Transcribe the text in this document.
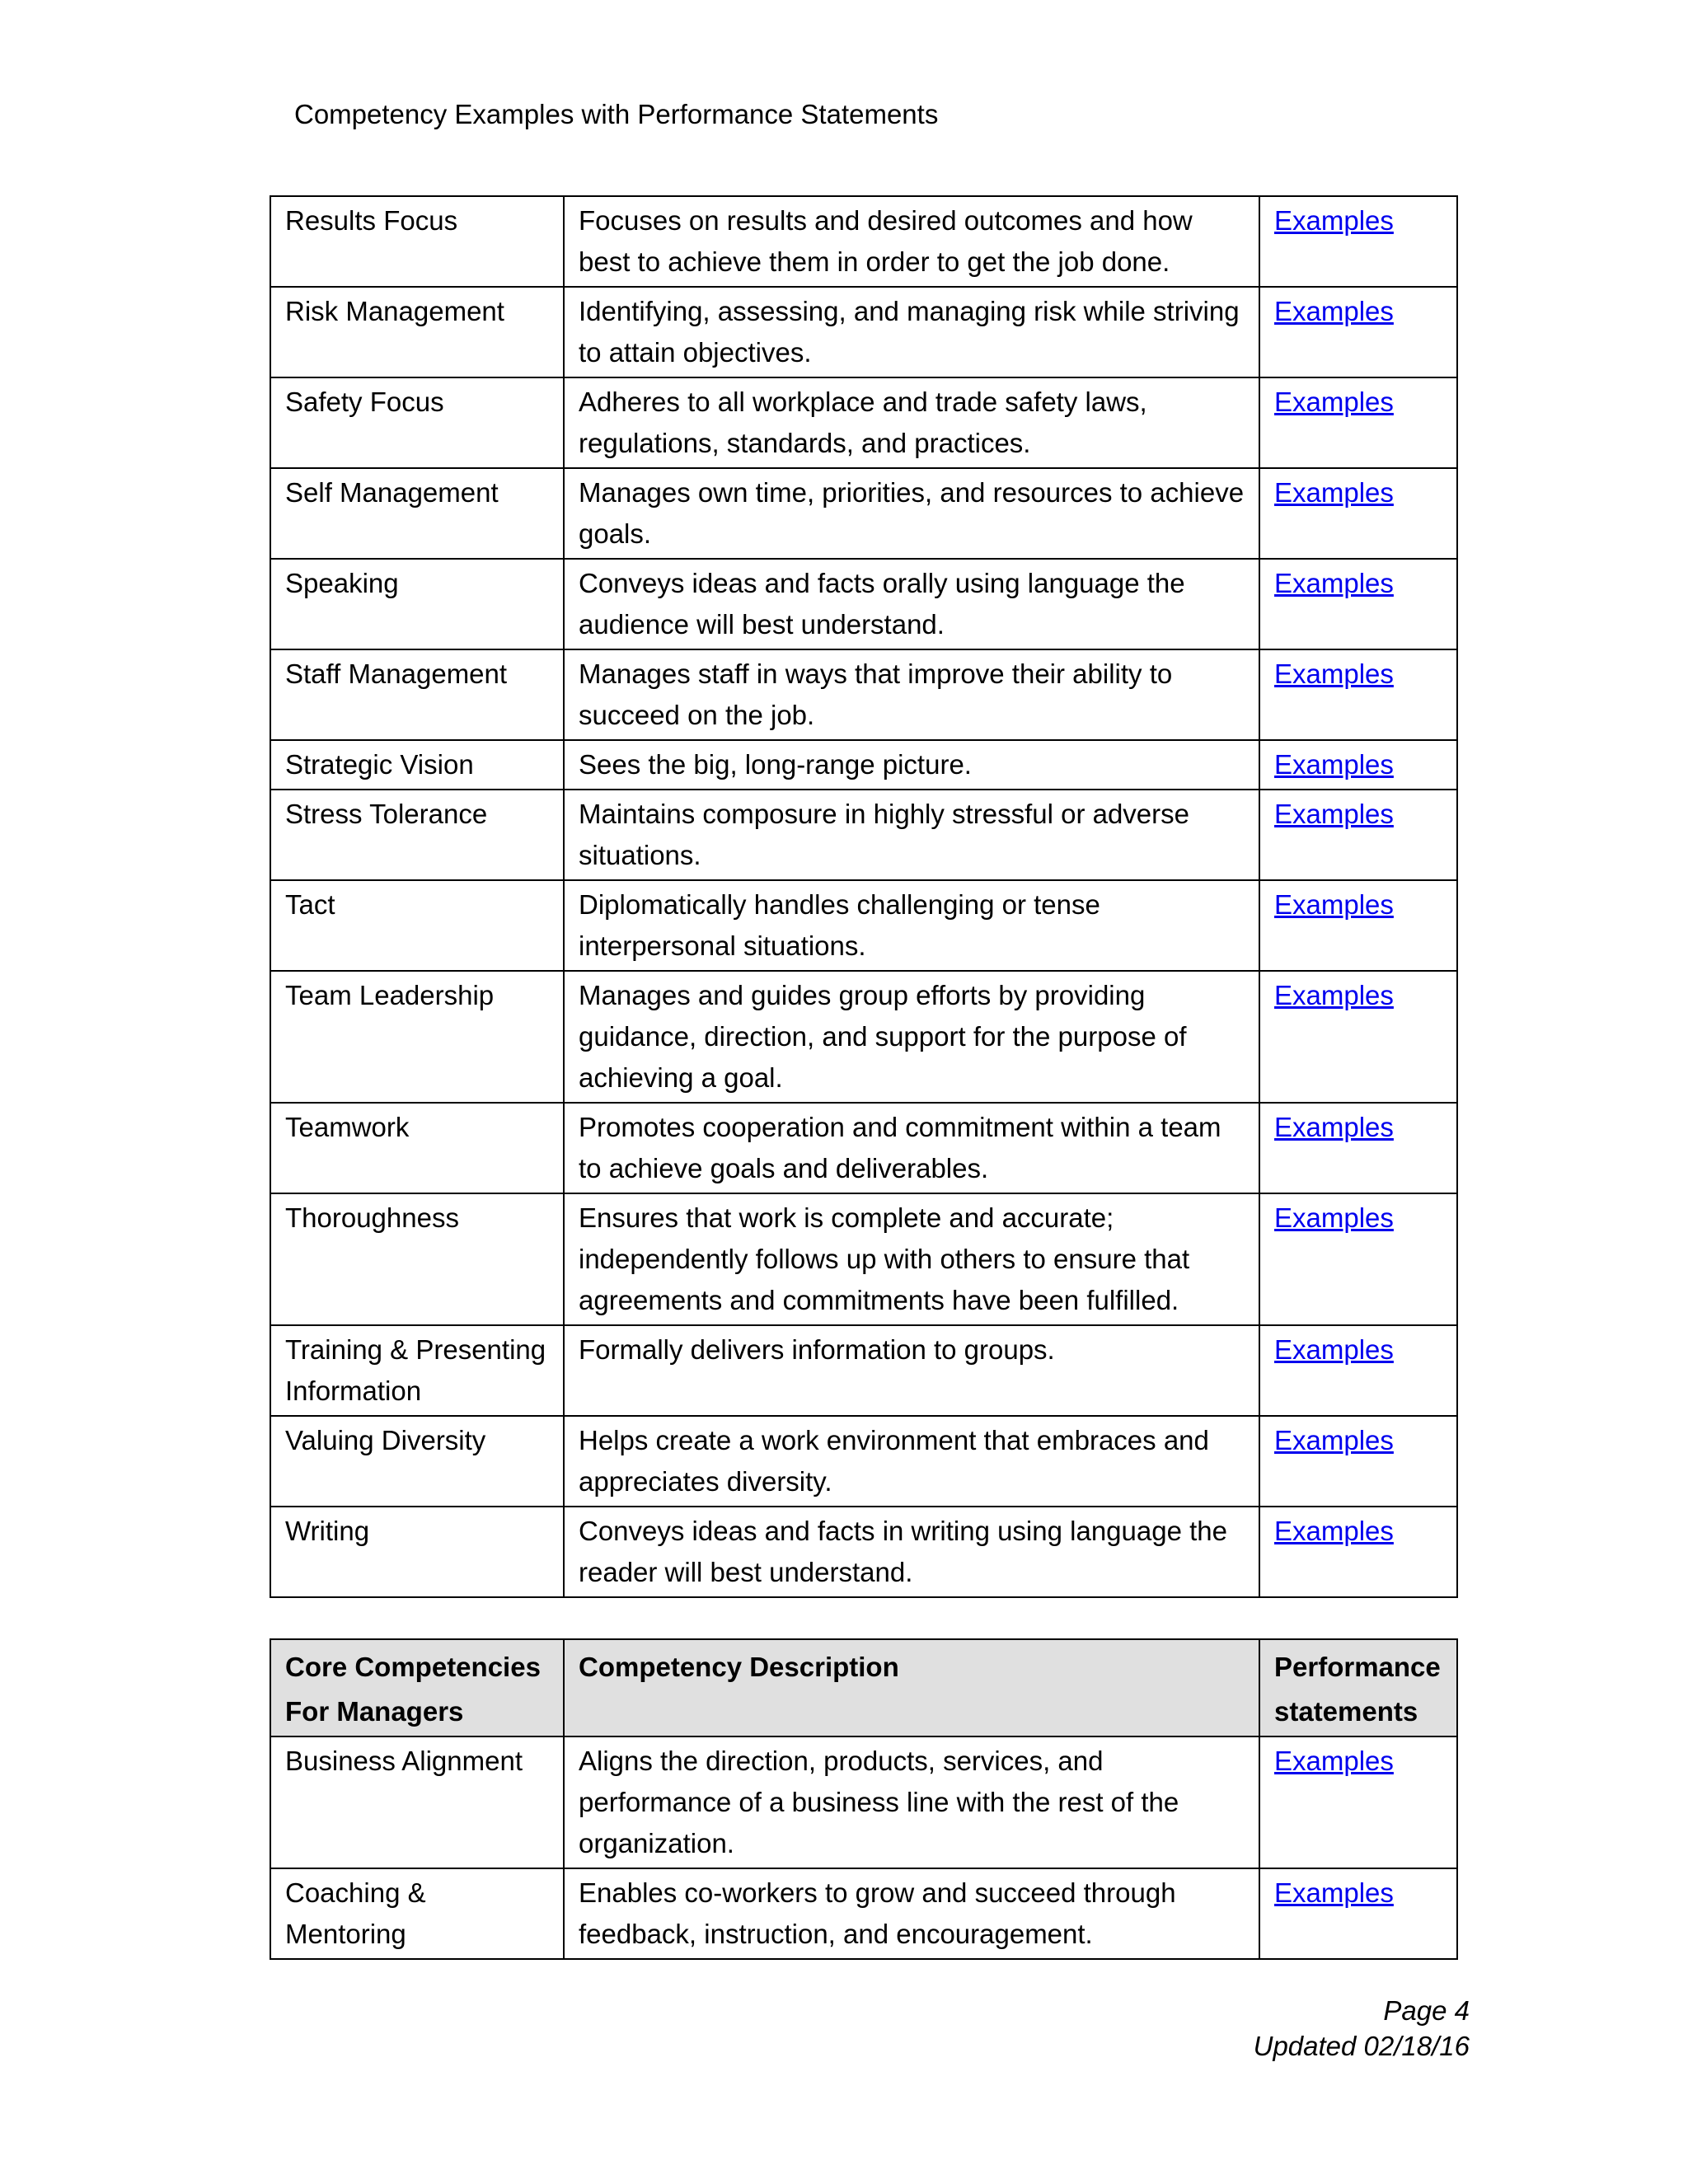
Competency Examples with Performance Statements
Results Focus	Focuses on results and desired outcomes and how best to achieve them in order to get the job done.	Examples
Risk Management	Identifying, assessing, and managing risk while striving to attain objectives.	Examples
Safety Focus	Adheres to all workplace and trade safety laws, regulations, standards, and practices.	Examples
Self Management	Manages own time, priorities, and resources to achieve goals.	Examples
Speaking	Conveys ideas and facts orally using language the audience will best understand.	Examples
Staff Management	Manages staff in ways that improve their ability to succeed on the job.	Examples
Strategic Vision	Sees the big, long-range picture.	Examples
Stress Tolerance	Maintains composure in highly stressful or adverse situations.	Examples
Tact	Diplomatically handles challenging or tense interpersonal situations.	Examples
Team Leadership	Manages and guides group efforts by providing guidance, direction, and support for the purpose of achieving a goal.	Examples
Teamwork	Promotes cooperation and commitment within a team to achieve goals and deliverables.	Examples
Thoroughness	Ensures that work is complete and accurate; independently follows up with others to ensure that agreements and commitments have been fulfilled.	Examples
Training & Presenting Information	Formally delivers information to groups.	Examples
Valuing Diversity	Helps create a work environment that embraces and appreciates diversity.	Examples
Writing	Conveys ideas and facts in writing using language the reader will best understand.	Examples
Core Competencies For Managers	Competency Description	Performance statements
Business Alignment	Aligns the direction, products, services, and performance of a business line with the rest of the organization.	Examples
Coaching & Mentoring	Enables co-workers to grow and succeed through feedback, instruction, and encouragement.	Examples
Page 4
Updated 02/18/16
